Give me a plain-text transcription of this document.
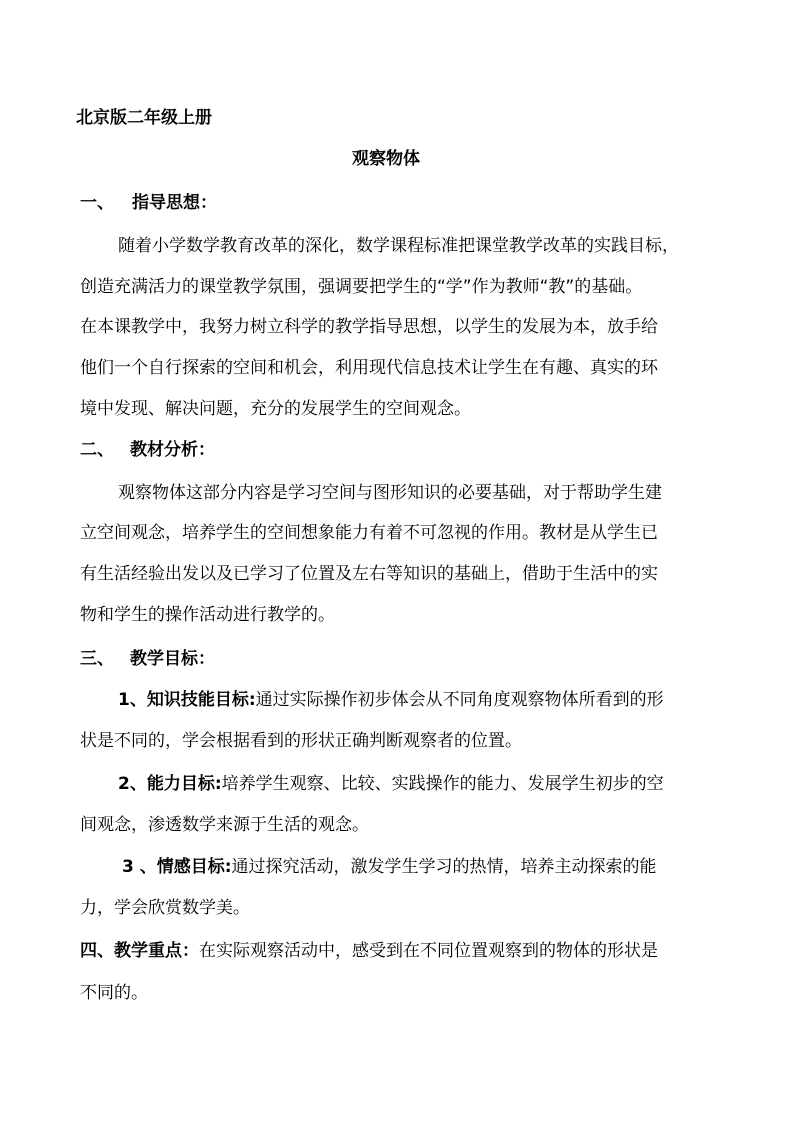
北京版二年级上册
观察物体
一、 指导思想：
随着小学数学教育改革的深化，数学课程标准把课堂教学改革的实践目标，
创造充满活力的课堂教学氛围，强调要把学生的“学”作为教师“教”的基础。
在本课教学中，我努力树立科学的教学指导思想，以学生的发展为本，放手给
他们一个自行探索的空间和机会，利用现代信息技术让学生在有趣、真实的环
境中发现、解决问题，充分的发展学生的空间观念。
二、 教材分析：
观察物体这部分内容是学习空间与图形知识的必要基础，对于帮助学生建
立空间观念，培养学生的空间想象能力有着不可忽视的作用。教材是从学生已
有生活经验出发以及已学习了位置及左右等知识的基础上，借助于生活中的实
物和学生的操作活动进行教学的。
三、 教学目标：
1、知识技能目标:通过实际操作初步体会从不同角度观察物体所看到的形
状是不同的，学会根据看到的形状正确判断观察者的位置。
2、能力目标:培养学生观察、比较、实践操作的能力、发展学生初步的空
间观念，渗透数学来源于生活的观念。
3 、情感目标:通过探究活动，激发学生学习的热情，培养主动探索的能
力，学会欣赏数学美。
四、教学重点：在实际观察活动中，感受到在不同位置观察到的物体的形状是
不同的。
